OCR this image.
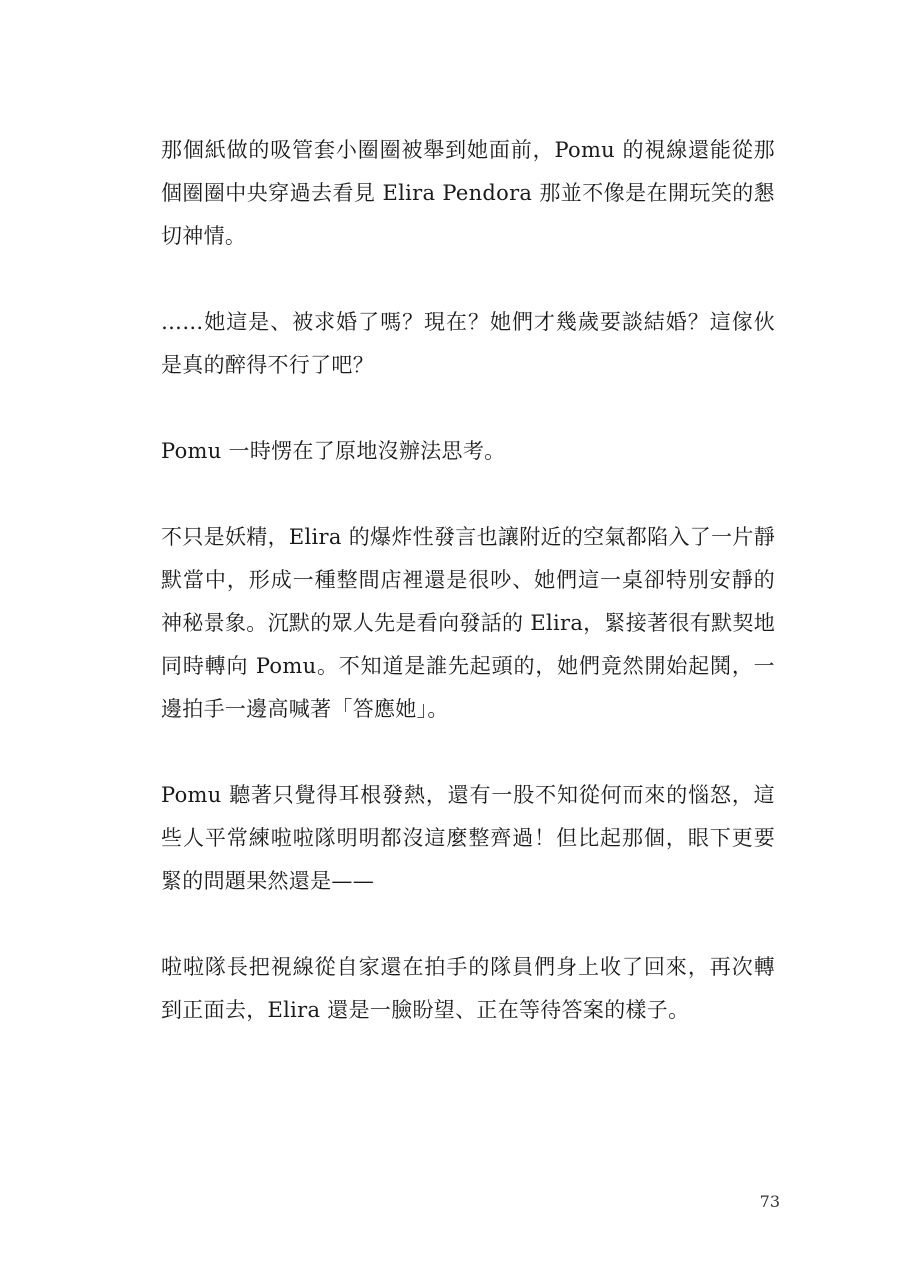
那個紙做的吸管套小圈圈被舉到她面前，Pomu 的視線還能從那個圈圈中央穿過去看見 Elira Pendora 那並不像是在開玩笑的懇切神情。

……她這是、被求婚了嗎？現在？她們才幾歲要談結婚？這傢伙是真的醉得不行了吧？

Pomu 一時愣在了原地沒辦法思考。

不只是妖精，Elira 的爆炸性發言也讓附近的空氣都陷入了一片靜默當中，形成一種整間店裡還是很吵、她們這一桌卻特別安靜的神秘景象。沉默的眾人先是看向發話的 Elira，緊接著很有默契地同時轉向 Pomu。不知道是誰先起頭的，她們竟然開始起鬨，一邊拍手一邊高喊著「答應她」。

Pomu 聽著只覺得耳根發熱，還有一股不知從何而來的惱怒，這些人平常練啦啦隊明明都沒這麼整齊過！但比起那個，眼下更要緊的問題果然還是——

啦啦隊長把視線從自家還在拍手的隊員們身上收了回來，再次轉到正面去，Elira 還是一臉盼望、正在等待答案的樣子。

73
